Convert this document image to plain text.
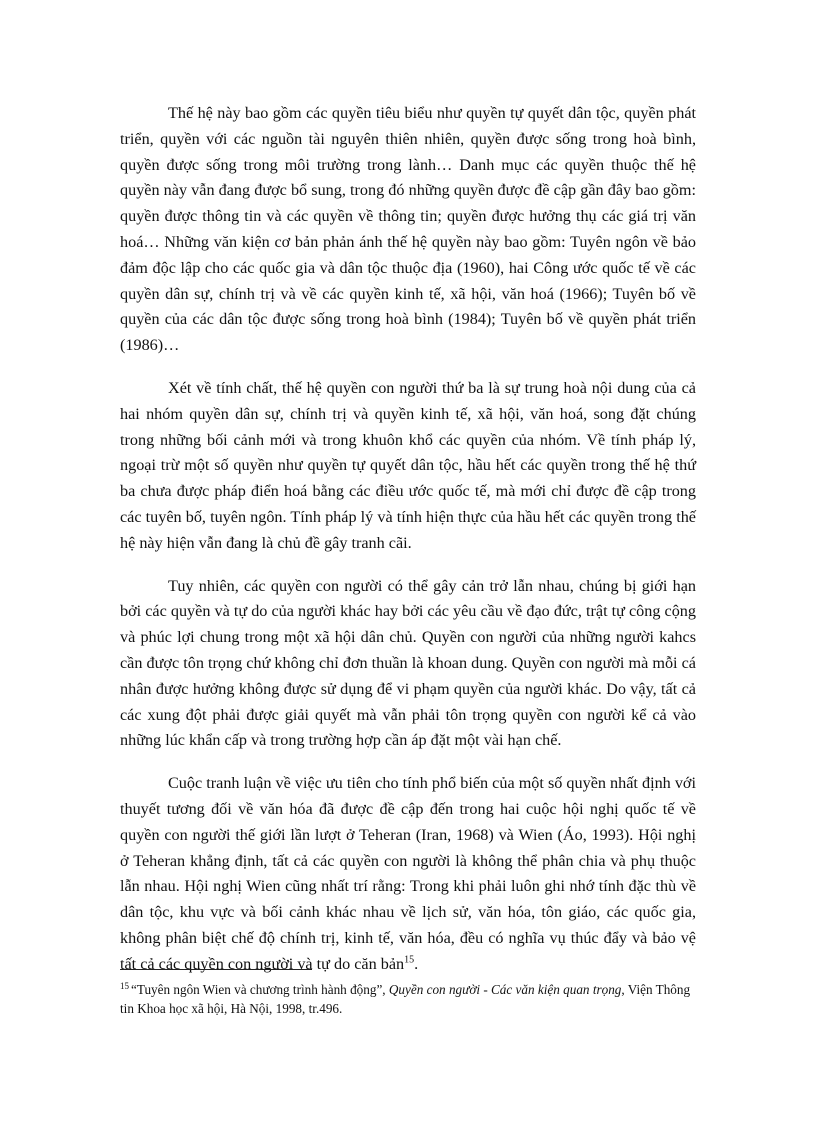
Thế hệ này bao gồm các quyền tiêu biểu như quyền tự quyết dân tộc, quyền phát triển, quyền với các nguồn tài nguyên thiên nhiên, quyền được sống trong hoà bình, quyền được sống trong môi trường trong lành… Danh mục các quyền thuộc thế hệ quyền này vẫn đang được bổ sung, trong đó những quyền được đề cập gần đây bao gồm: quyền được thông tin và các quyền về thông tin; quyền được hưởng thụ các giá trị văn hoá… Những văn kiện cơ bản phản ánh thế hệ quyền này bao gồm: Tuyên ngôn về bảo đảm độc lập cho các quốc gia và dân tộc thuộc địa (1960), hai Công ước quốc tế về các quyền dân sự, chính trị và về các quyền kinh tế, xã hội, văn hoá (1966); Tuyên bố về quyền của các dân tộc được sống trong hoà bình (1984); Tuyên bố về quyền phát triển (1986)…

Xét về tính chất, thế hệ quyền con người thứ ba là sự trung hoà nội dung của cả hai nhóm quyền dân sự, chính trị và quyền kinh tế, xã hội, văn hoá, song đặt chúng trong những bối cảnh mới và trong khuôn khổ các quyền của nhóm. Về tính pháp lý, ngoại trừ một số quyền như quyền tự quyết dân tộc, hầu hết các quyền trong thế hệ thứ ba chưa được pháp điển hoá bằng các điều ước quốc tế, mà mới chỉ được đề cập trong các tuyên bố, tuyên ngôn. Tính pháp lý và tính hiện thực của hầu hết các quyền trong thế hệ này hiện vẫn đang là chủ đề gây tranh cãi.

Tuy nhiên, các quyền con người có thể gây cản trở lẫn nhau, chúng bị giới hạn bởi các quyền và tự do của người khác hay bởi các yêu cầu về đạo đức, trật tự công cộng và phúc lợi chung trong một xã hội dân chủ. Quyền con người của những người kahcs cần được tôn trọng chứ không chỉ đơn thuần là khoan dung. Quyền con người mà mỗi cá nhân được hưởng không được sử dụng để vi phạm quyền của người khác. Do vậy, tất cả các xung đột phải được giải quyết mà vẫn phải tôn trọng quyền con người kể cả vào những lúc khẩn cấp và trong trường hợp cần áp đặt một vài hạn chế.

Cuộc tranh luận về việc ưu tiên cho tính phổ biến của một số quyền nhất định với thuyết tương đối về văn hóa đã được đề cập đến trong hai cuộc hội nghị quốc tế về quyền con người thế giới lần lượt ở Teheran (Iran, 1968) và Wien (Áo, 1993). Hội nghị ở Teheran khẳng định, tất cả các quyền con người là không thể phân chia và phụ thuộc lẫn nhau. Hội nghị Wien cũng nhất trí rằng: Trong khi phải luôn ghi nhớ tính đặc thù về dân tộc, khu vực và bối cảnh khác nhau về lịch sử, văn hóa, tôn giáo, các quốc gia, không phân biệt chế độ chính trị, kinh tế, văn hóa, đều có nghĩa vụ thúc đẩy và bảo vệ tất cả các quyền con người và tự do căn bản$^{15}$.

$^{15}$ “Tuyên ngôn Wien và chương trình hành động”, Quyền con người - Các văn kiện quan trọng, Viện Thông tin Khoa học xã hội, Hà Nội, 1998, tr.496.
